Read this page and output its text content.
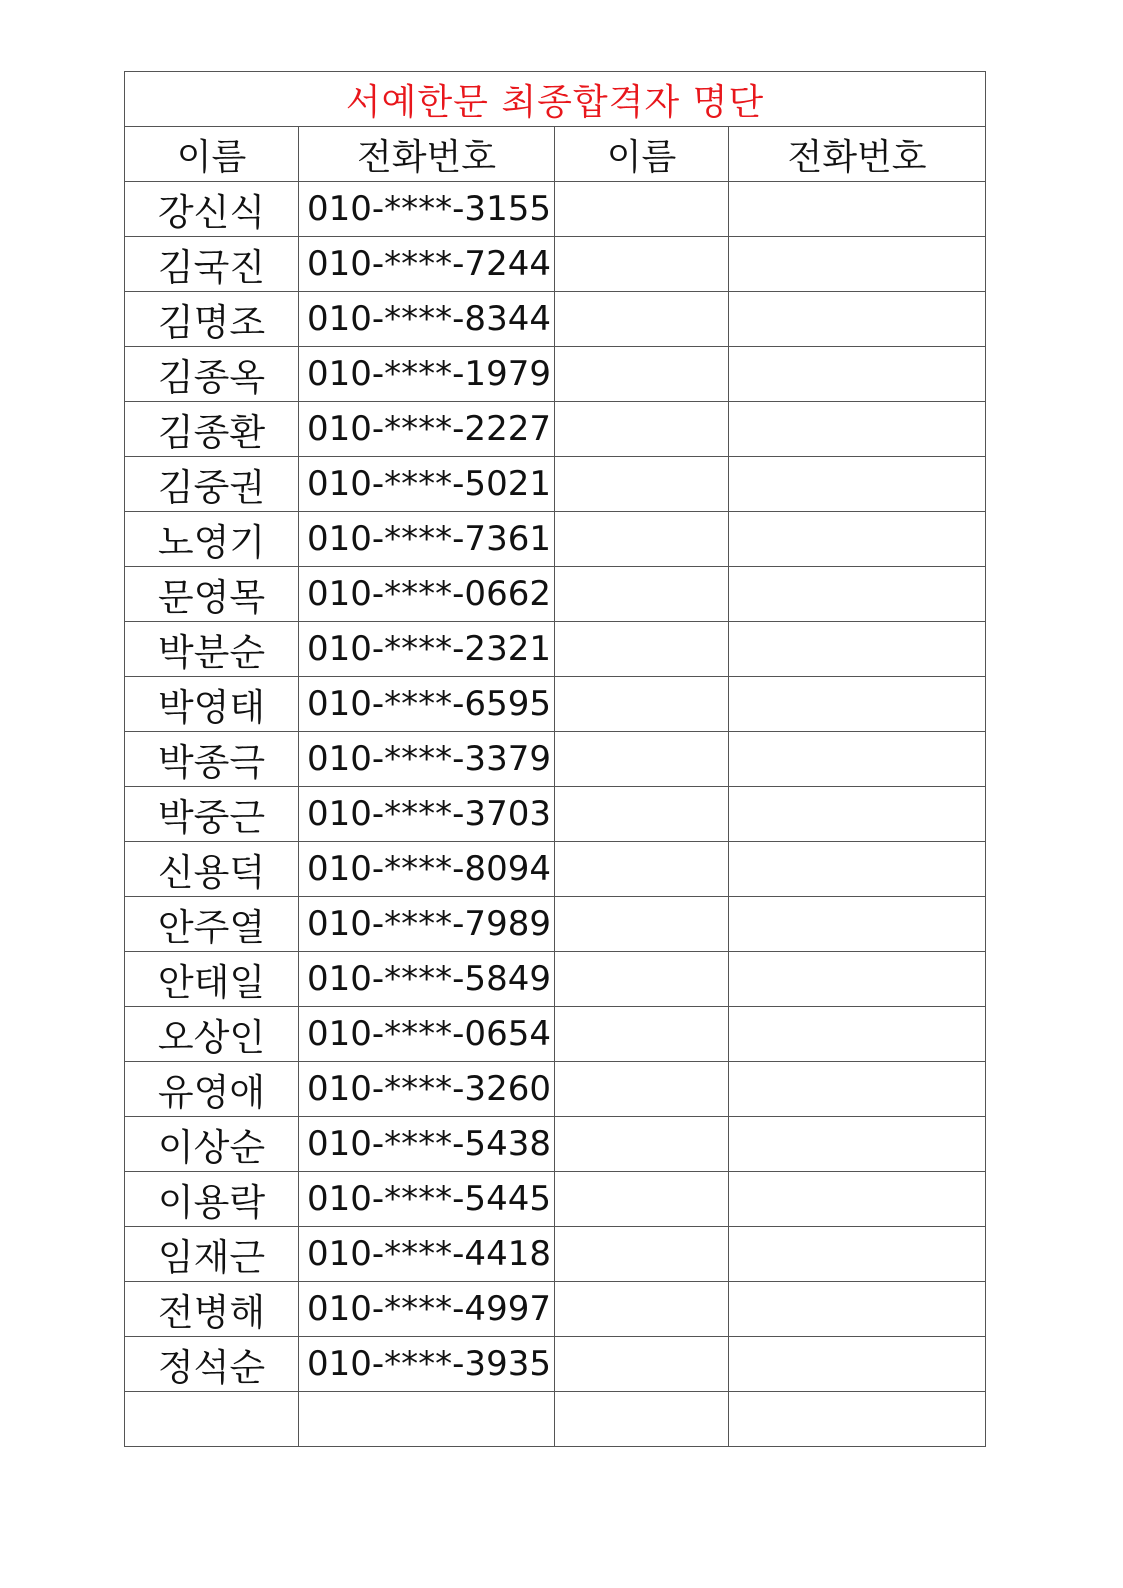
서예한문 최종합격자 명단			
이름	전화번호	이름	전화번호
강신식	010-****-3155		
김국진	010-****-7244		
김명조	010-****-8344		
김종옥	010-****-1979		
김종환	010-****-2227		
김중권	010-****-5021		
노영기	010-****-7361		
문영목	010-****-0662		
박분순	010-****-2321		
박영태	010-****-6595		
박종극	010-****-3379		
박중근	010-****-3703		
신용덕	010-****-8094		
안주열	010-****-7989		
안태일	010-****-5849		
오상인	010-****-0654		
유영애	010-****-3260		
이상순	010-****-5438		
이용락	010-****-5445		
임재근	010-****-4418		
전병해	010-****-4997		
정석순	010-****-3935		
